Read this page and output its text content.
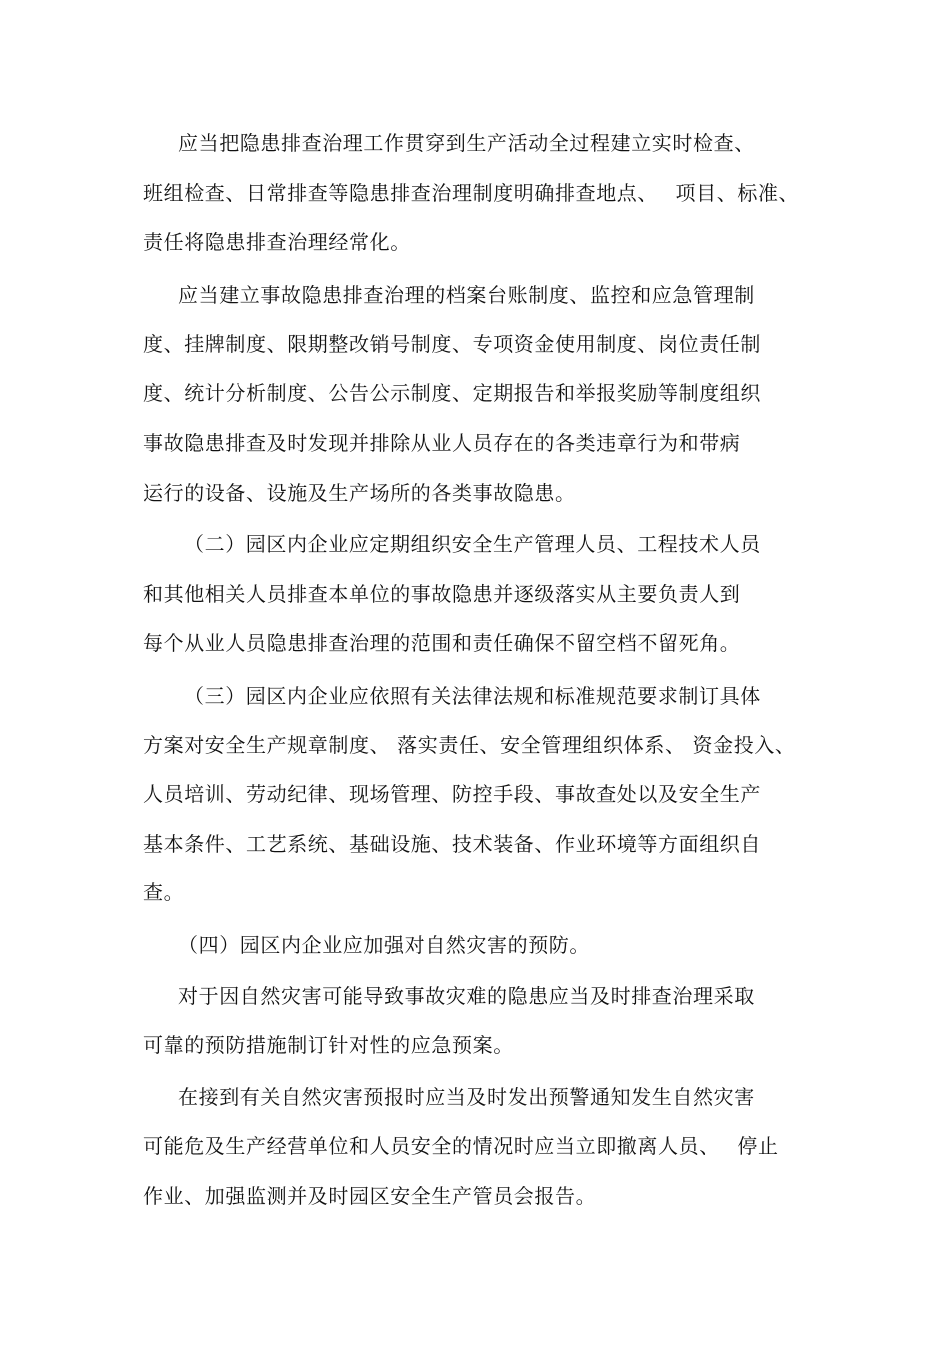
应当把隐患排查治理工作贯穿到生产活动全过程建立实时检查、
班组检查、日常排查等隐患排查治理制度明确排查地点、　 项目、标准、
责任将隐患排查治理经常化。
应当建立事故隐患排查治理的档案台账制度、监控和应急管理制
度、挂牌制度、限期整改销号制度、专项资金使用制度、岗位责任制
度、统计分析制度、公告公示制度、定期报告和举报奖励等制度组织
事故隐患排查及时发现并排除从业人员存在的各类违章行为和带病
运行的设备、设施及生产场所的各类事故隐患。
（二）园区内企业应定期组织安全生产管理人员、工程技术人员
和其他相关人员排查本单位的事故隐患并逐级落实从主要负责人到
每个从业人员隐患排查治理的范围和责任确保不留空档不留死角。
（三）园区内企业应依照有关法律法规和标准规范要求制订具体
方案对安全生产规章制度、 落实责任、安全管理组织体系、 资金投入、
人员培训、劳动纪律、现场管理、防控手段、事故查处以及安全生产
基本条件、工艺系统、基础设施、技术装备、作业环境等方面组织自
查。
（四）园区内企业应加强对自然灾害的预防。
对于因自然灾害可能导致事故灾难的隐患应当及时排查治理采取
可靠的预防措施制订针对性的应急预案。
在接到有关自然灾害预报时应当及时发出预警通知发生自然灾害
可能危及生产经营单位和人员安全的情况时应当立即撤离人员、　 停止
作业、加强监测并及时园区安全生产管员会报告。
